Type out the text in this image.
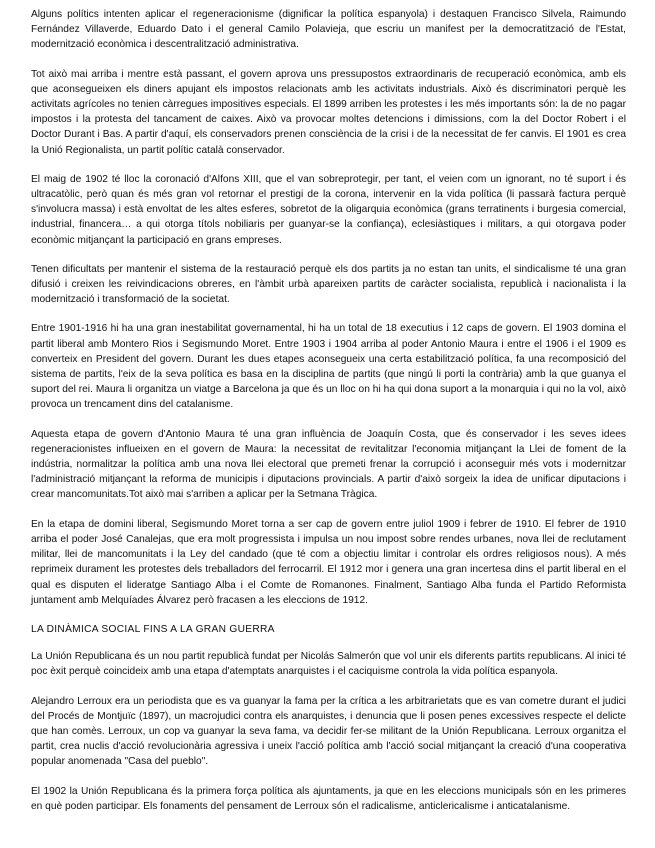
Alguns polítics intenten aplicar el regeneracionisme (dignificar la política espanyola) i destaquen Francisco Silvela, Raimundo Fernández Villaverde, Eduardo Dato i el general Camilo Polavieja, que escriu un manifest per la democratització de l'Estat, modernització econòmica i descentralització administrativa.

Tot això mai arriba i mentre està passant, el govern aprova uns pressupostos extraordinaris de recuperació econòmica, amb els que aconsegueixen els diners apujant els impostos relacionats amb les activitats industrials. Això és discriminatori perquè les activitats agrícoles no tenien càrregues impositives especials. El 1899 arriben les protestes i les més importants són: la de no pagar impostos i la protesta del tancament de caixes. Això va provocar moltes detencions i dimissions, com la del Doctor Robert i el Doctor Durant i Bas. A partir d'aquí, els conservadors prenen consciència de la crisi i de la necessitat de fer canvis. El 1901 es crea la Unió Regionalista, un partit polític català conservador.

El maig de 1902 té lloc la coronació d'Alfons XIII, que el van sobreprotegir, per tant, el veien com un ignorant, no té suport i és ultracatòlic, però quan és més gran vol retornar el prestigi de la corona, intervenir en la vida política (li passarà factura perquè s'involucra massa) i està envoltat de les altes esferes, sobretot de la oligarquia econòmica (grans terratinents i burgesia comercial, industrial, financera… a qui otorga títols nobiliaris per guanyar-se la confiança), eclesiàstiques i militars, a qui otorgava poder econòmic mitjançant la participació en grans empreses.

Tenen dificultats per mantenir el sistema de la restauració perquè els dos partits ja no estan tan units, el sindicalisme té una gran difusió i creixen les reivindicacions obreres, en l'àmbit urbà apareixen partits de caràcter socialista, republicà i nacionalista i la modernització i transformació de la societat.

Entre 1901-1916 hi ha una gran inestabilitat governamental, hi ha un total de 18 executius i 12 caps de govern. El 1903 domina el partit liberal amb Montero Rios i Segismundo Moret. Entre 1903 i 1904 arriba al poder Antonio Maura i entre el 1906 i el 1909 es converteix en President del govern. Durant les dues etapes aconsegueix una certa estabilització política, fa una recomposició del sistema de partits, l'eix de la seva política es basa en la disciplina de partits (que ningú li porti la contrària) amb la que guanya el suport del rei. Maura li organitza un viatge a Barcelona ja que és un lloc on hi ha qui dona suport a la monarquia i qui no la vol, això provoca un trencament dins del catalanisme.

Aquesta etapa de govern d'Antonio Maura té una gran influència de Joaquín Costa, que és conservador i les seves idees regeneracionistes influeixen en el govern de Maura: la necessitat de revitalitzar l'economia mitjançant la Llei de foment de la indústria, normalitzar la política amb una nova llei electoral que premeti frenar la corrupció i aconseguir més vots i modernitzar l'administració mitjançant la reforma de municipis i diputacions provincials. A partir d'això sorgeix la idea de unificar diputacions i crear mancomunitats.Tot això mai s'arriben a aplicar per la Setmana Tràgica.

En la etapa de domini liberal, Segismundo Moret torna a ser cap de govern entre juliol 1909 i febrer de 1910. El febrer de 1910 arriba el poder José Canalejas, que era molt progressista i impulsa un nou impost sobre rendes urbanes, nova llei de reclutament militar, llei de mancomunitats i la Ley del candado (que té com a objectiu limitar i controlar els ordres religiosos nous). A més reprimeix durament les protestes dels treballadors del ferrocarril. El 1912 mor i genera una gran incertesa dins el partit liberal en el qual es disputen el lideratge Santiago Alba i el Comte de Romanones. Finalment, Santiago Alba funda el Partido Reformista juntament amb Melquíades Álvarez però fracasen a les eleccions de 1912.

LA DINÀMICA SOCIAL FINS A LA GRAN GUERRA

La Unión Republicana és un nou partit republicà fundat per Nicolás Salmerón que vol unir els diferents partits republicans. Al inici té poc èxit perquè coincideix amb una etapa d'atemptats anarquistes i el caciquisme controla la vida política espanyola.

Alejandro Lerroux era un periodista que es va guanyar la fama per la crítica a les arbitrarietats que es van cometre durant el judici del Procés de Montjuïc (1897), un macrojudici contra els anarquistes, i denuncia que li posen penes excessives respecte el delicte que han comès. Lerroux, un cop va guanyar la seva fama, va decidir fer-se militant de la Unión Republicana. Lerroux organitza el partit, crea nuclis d'acció revolucionària agressiva i uneix l'acció política amb l'acció social mitjançant la creació d'una cooperativa popular anomenada "Casa del pueblo".

El 1902 la Unión Republicana és la primera força política als ajuntaments, ja que en les eleccions municipals són en les primeres en què poden participar. Els fonaments del pensament de Lerroux són el radicalisme, anticlericalisme i anticatalanisme.
